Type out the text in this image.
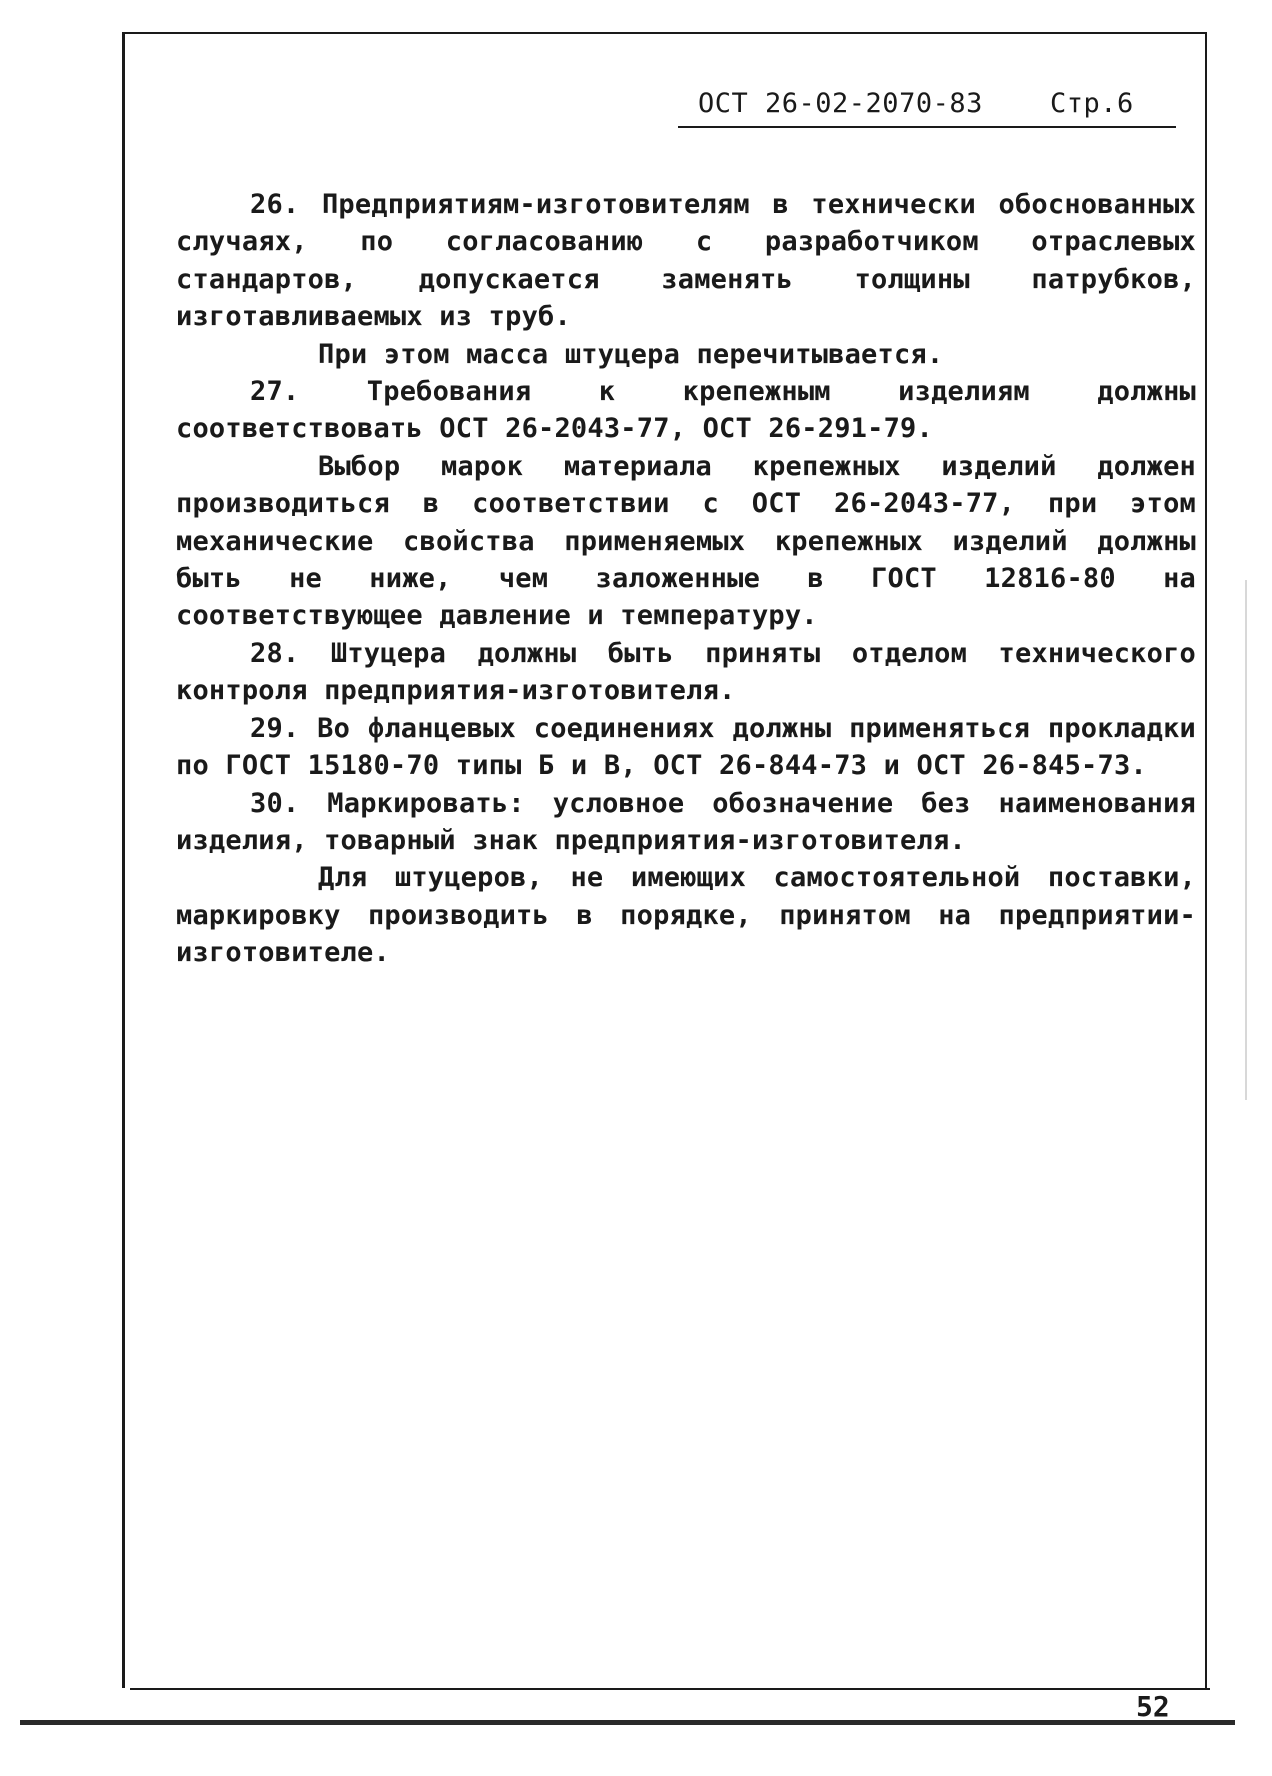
ОСТ 26-02-2070-83 Стр.6

26. Предприятиям-изготовителям в технически обоснованных случаях, по согласованию с разработчиком отраслевых стандартов, допускается заменять толщины патрубков, изготавливаемых из труб.

При этом масса штуцера перечитывается.

27. Требования к крепежным изделиям должны соответствовать ОСТ 26-2043-77, ОСТ 26-291-79.

Выбор марок материала крепежных изделий должен производиться в соответствии с ОСТ 26-2043-77, при этом механические свойства применяемых крепежных изделий должны быть не ниже, чем заложенные в ГОСТ 12816-80 на соответствующее давление и температуру.

28. Штуцера должны быть приняты отделом технического контроля предприятия-изготовителя.

29. Во фланцевых соединениях должны применяться прокладки по ГОСТ 15180-70 типы Б и В, ОСТ 26-844-73 и ОСТ 26-845-73.

30. Маркировать: условное обозначение без наименования изделия, товарный знак предприятия-изготовителя.

Для штуцеров, не имеющих самостоятельной поставки, маркировку производить в порядке, принятом на предприятии-изготовителе.

52
